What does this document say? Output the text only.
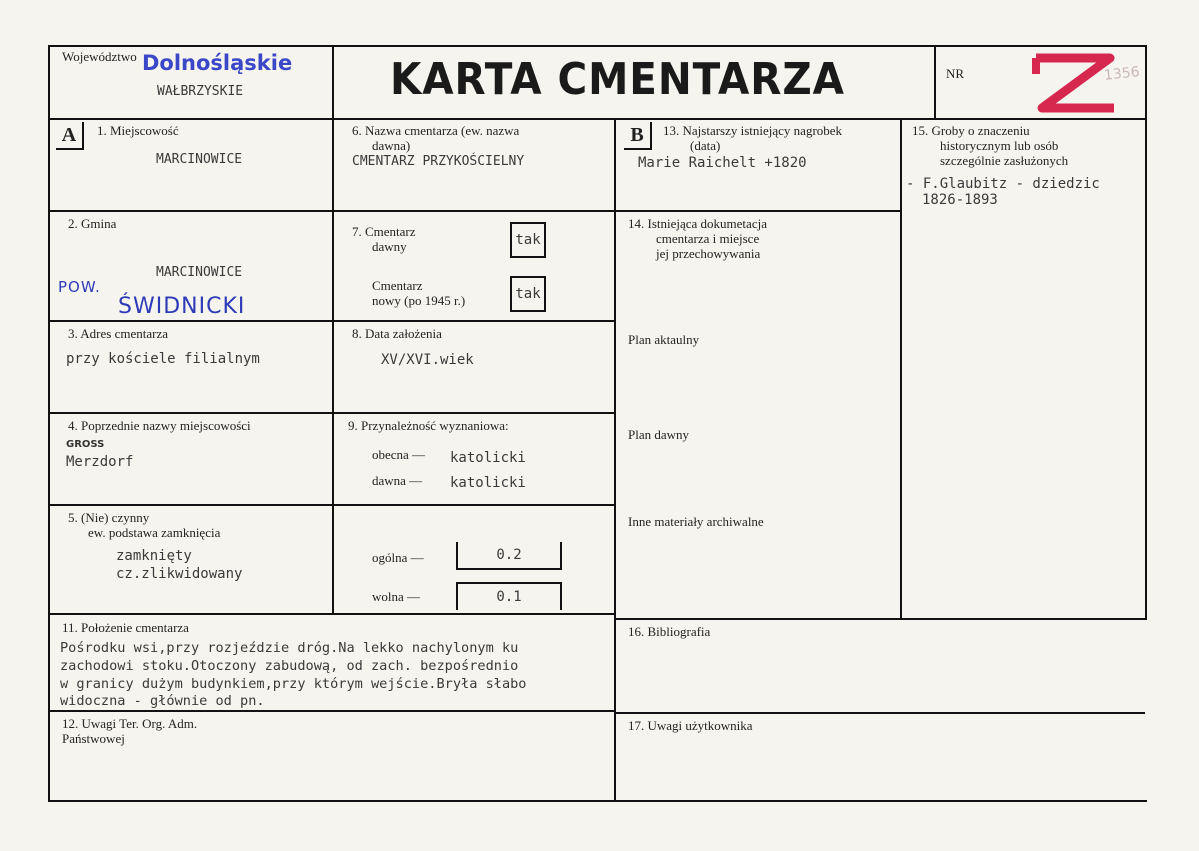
Województwo Dolnośląskie
WAŁBRZYSKIE	KARTA CMENTARZA	NR	1356
A	1. Miejscowość
MARCINOWICE
2. Gmina
MARCINOWICE
POW.
ŚWIDNICKI
3. Adres cmentarza
przy kościele filialnym
4. Poprzednie nazwy miejscowości
GROSS
Merzdorf
5. (Nie) czynny
ew. podstawa zamknięcia
zamknięty
cz.zlikwidowany
6. Nazwa cmentarza (ew. nazwa
dawna)
CMENTARZ PRZYKOŚCIELNY
7. Cmentarz
dawny	tak
Cmentarz
nowy (po 1945 r.)	tak
8. Data założenia
XV/XVI.wiek
9. Przynależność wyznaniowa:
obecna — katolicki
dawna — katolicki
ogólna —	0.2
wolna —	0.1
B	13. Najstarszy istniejący nagrobek
(data)
Marie Raichelt +1820
14. Istniejąca dokumetacja
cmentarza i miejsce
jej przechowywania
Plan aktaulny
Plan dawny
Inne materiały archiwalne
15. Groby o znaczeniu
historycznym lub osób
szczególnie zasłużonych
- F.Glaubitz - dziedzic
1826-1893
11. Położenie cmentarza
Pośrodku wsi,przy rozjeździe dróg.Na lekko nachylonym ku
zachodowi stoku.Otoczony zabudową, od zach. bezpośrednio
w granicy dużym budynkiem,przy którym wejście.Bryła słabo
widoczna - głównie od pn.
12. Uwagi Ter. Org. Adm.
Państwowej
16. Bibliografia
17. Uwagi użytkownika
